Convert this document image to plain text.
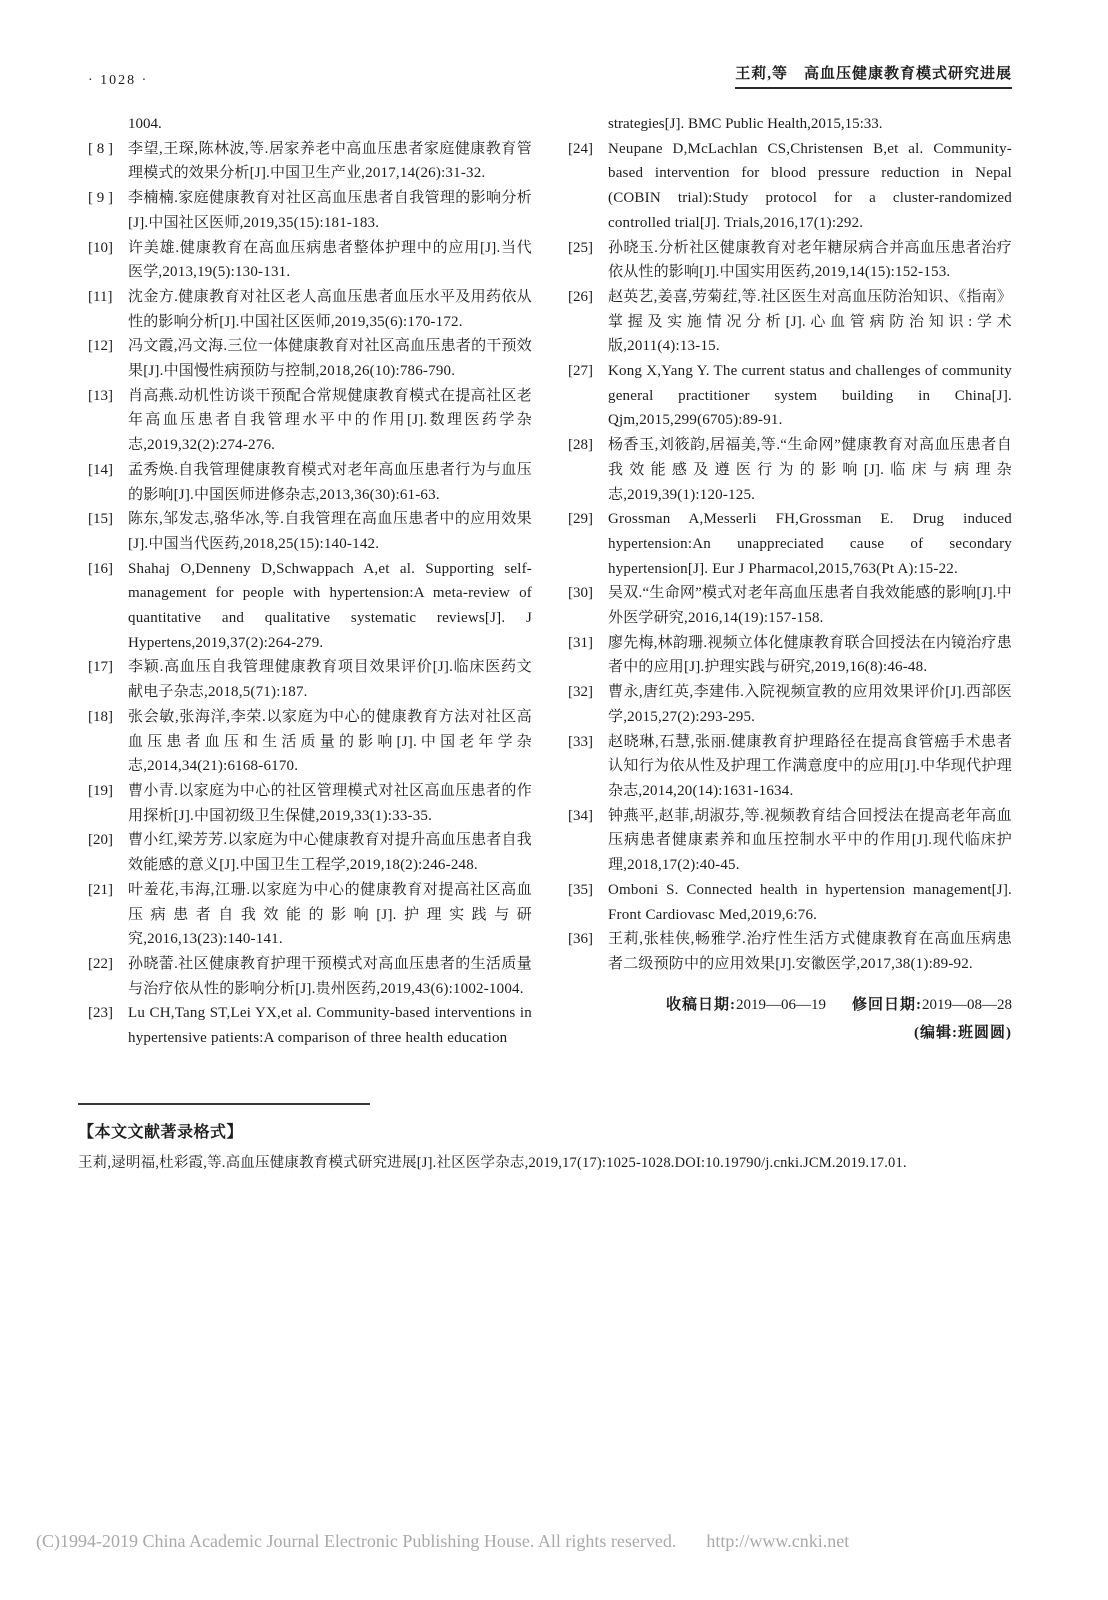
· 1028 ·	王莉,等　高血压健康教育模式研究进展
1004.
[ 8 ]	李望,王琛,陈林波,等.居家养老中高血压患者家庭健康教育管理模式的效果分析[J].中国卫生产业,2017,14(26):31-32.
[ 9 ]	李楠楠.家庭健康教育对社区高血压患者自我管理的影响分析[J].中国社区医师,2019,35(15):181-183.
[10]	许美雄.健康教育在高血压病患者整体护理中的应用[J].当代医学,2013,19(5):130-131.
[11]	沈金方.健康教育对社区老人高血压患者血压水平及用药依从性的影响分析[J].中国社区医师,2019,35(6):170-172.
[12]	冯文霞,冯文海.三位一体健康教育对社区高血压患者的干预效果[J].中国慢性病预防与控制,2018,26(10):786-790.
[13]	肖高燕.动机性访谈干预配合常规健康教育模式在提高社区老年高血压患者自我管理水平中的作用[J].数理医药学杂志,2019,32(2):274-276.
[14]	孟秀焕.自我管理健康教育模式对老年高血压患者行为与血压的影响[J].中国医师进修杂志,2013,36(30):61-63.
[15]	陈东,邹发志,骆华冰,等.自我管理在高血压患者中的应用效果[J].中国当代医药,2018,25(15):140-142.
[16]	Shahaj O,Denneny D,Schwappach A,et al. Supporting self-management for people with hypertension:A meta-review of quantitative and qualitative systematic reviews[J]. J Hypertens,2019,37(2):264-279.
[17]	李颖.高血压自我管理健康教育项目效果评价[J].临床医药文献电子杂志,2018,5(71):187.
[18]	张会敏,张海洋,李荣.以家庭为中心的健康教育方法对社区高血压患者血压和生活质量的影响[J].中国老年学杂志,2014,34(21):6168-6170.
[19]	曹小青.以家庭为中心的社区管理模式对社区高血压患者的作用探析[J].中国初级卫生保健,2019,33(1):33-35.
[20]	曹小红,梁芳芳.以家庭为中心健康教育对提升高血压患者自我效能感的意义[J].中国卫生工程学,2019,18(2):246-248.
[21]	叶羞花,韦海,江珊.以家庭为中心的健康教育对提高社区高血压病患者自我效能的影响[J].护理实践与研究,2016,13(23):140-141.
[22]	孙晓蕾.社区健康教育护理干预模式对高血压患者的生活质量与治疗依从性的影响分析[J].贵州医药,2019,43(6):1002-1004.
[23]	Lu CH,Tang ST,Lei YX,et al. Community-based interventions in hypertensive patients:A comparison of three health education
strategies[J]. BMC Public Health,2015,15:33.
[24]	Neupane D,McLachlan CS,Christensen B,et al. Community-based intervention for blood pressure reduction in Nepal (COBIN trial):Study protocol for a cluster-randomized controlled trial[J]. Trials,2016,17(1):292.
[25]	孙晓玉.分析社区健康教育对老年糖尿病合并高血压患者治疗依从性的影响[J].中国实用医药,2019,14(15):152-153.
[26]	赵英艺,姜喜,劳菊荭,等.社区医生对高血压防治知识、《指南》掌握及实施情况分析[J].心血管病防治知识:学术版,2011(4):13-15.
[27]	Kong X,Yang Y. The current status and challenges of community general practitioner system building in China[J]. Qjm,2015,299(6705):89-91.
[28]	杨香玉,刘筱韵,居福美,等.“生命网”健康教育对高血压患者自我效能感及遵医行为的影响[J].临床与病理杂志,2019,39(1):120-125.
[29]	Grossman A,Messerli FH,Grossman E. Drug induced hypertension:An unappreciated cause of secondary hypertension[J]. Eur J Pharmacol,2015,763(Pt A):15-22.
[30]	吴双.“生命网”模式对老年高血压患者自我效能感的影响[J].中外医学研究,2016,14(19):157-158.
[31]	廖先梅,林韵珊.视频立体化健康教育联合回授法在内镜治疗患者中的应用[J].护理实践与研究,2019,16(8):46-48.
[32]	曹永,唐红英,李建伟.入院视频宣教的应用效果评价[J].西部医学,2015,27(2):293-295.
[33]	赵晓琳,石慧,张丽.健康教育护理路径在提高食管癌手术患者认知行为依从性及护理工作满意度中的应用[J].中华现代护理杂志,2014,20(14):1631-1634.
[34]	钟燕平,赵菲,胡淑芬,等.视频教育结合回授法在提高老年高血压病患者健康素养和血压控制水平中的作用[J].现代临床护理,2018,17(2):40-45.
[35]	Omboni S. Connected health in hypertension management[J]. Front Cardiovasc Med,2019,6:76.
[36]	王莉,张桂侠,畅雅学.治疗性生活方式健康教育在高血压病患者二级预防中的应用效果[J].安徽医学,2017,38(1):89-92.
收稿日期:2019—06—19 修回日期:2019—08—28
(编辑:班圆圆)
【本文文献著录格式】
王莉,逯明福,杜彩霞,等.高血压健康教育模式研究进展[J].社区医学杂志,2019,17(17):1025-1028.DOI:10.19790/j.cnki.JCM.2019.17.01.
(C)1994-2019 China Academic Journal Electronic Publishing House. All rights reserved. http://www.cnki.net
